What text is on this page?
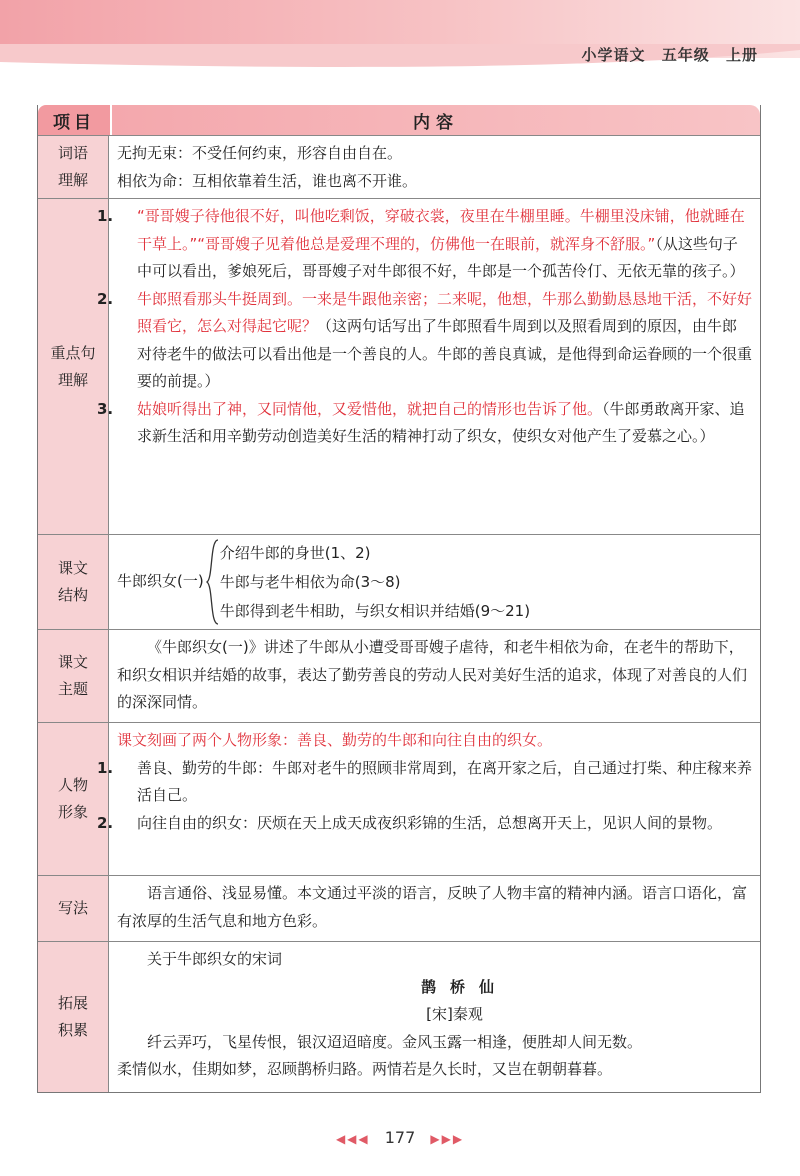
小学语文 五年级 上册
项目	内容
词语
理解
无拘无束：不受任何约束，形容自由自在。
相依为命：互相依靠着生活，谁也离不开谁。
重点句
理解
1. “哥哥嫂子待他很不好，叫他吃剩饭，穿破衣裳，夜里在牛棚里睡。牛棚里没床铺，他就睡在干草上。”“哥哥嫂子见着他总是爱理不理的，仿佛他一在眼前，就浑身不舒服。”（从这些句子中可以看出，爹娘死后，哥哥嫂子对牛郎很不好，牛郎是一个孤苦伶仃、无依无靠的孩子。）
2. 牛郎照看那头牛挺周到。一来是牛跟他亲密；二来呢，他想，牛那么勤勤恳恳地干活，不好好照看它，怎么对得起它呢？（这两句话写出了牛郎照看牛周到以及照看周到的原因，由牛郎对待老牛的做法可以看出他是一个善良的人。牛郎的善良真诚，是他得到命运眷顾的一个很重要的前提。）
3. 姑娘听得出了神，又同情他，又爱惜他，就把自己的情形也告诉了他。（牛郎勇敢离开家、追求新生活和用辛勤劳动创造美好生活的精神打动了织女，使织女对他产生了爱慕之心。）
课文
结构
牛郎织女(一)
介绍牛郎的身世(1、2)
牛郎与老牛相依为命(3～8)
牛郎得到老牛相助，与织女相识并结婚(9～21)
课文
主题
《牛郎织女(一)》讲述了牛郎从小遭受哥哥嫂子虐待，和老牛相依为命，在老牛的帮助下，和织女相识并结婚的故事，表达了勤劳善良的劳动人民对美好生活的追求，体现了对善良的人们的深深同情。
人物
形象
课文刻画了两个人物形象：善良、勤劳的牛郎和向往自由的织女。
1. 善良、勤劳的牛郎：牛郎对老牛的照顾非常周到，在离开家之后，自己通过打柴、种庄稼来养活自己。
2. 向往自由的织女：厌烦在天上成天成夜织彩锦的生活，总想离开天上，见识人间的景物。
写法
语言通俗、浅显易懂。本文通过平淡的语言，反映了人物丰富的精神内涵。语言口语化，富有浓厚的生活气息和地方色彩。
拓展
积累
关于牛郎织女的宋词
鹊桥仙
[宋]秦观
纤云弄巧，飞星传恨，银汉迢迢暗度。金风玉露一相逢，便胜却人间无数。
柔情似水，佳期如梦，忍顾鹊桥归路。两情若是久长时，又岂在朝朝暮暮。
◀◀◀ 177 ▶▶▶
